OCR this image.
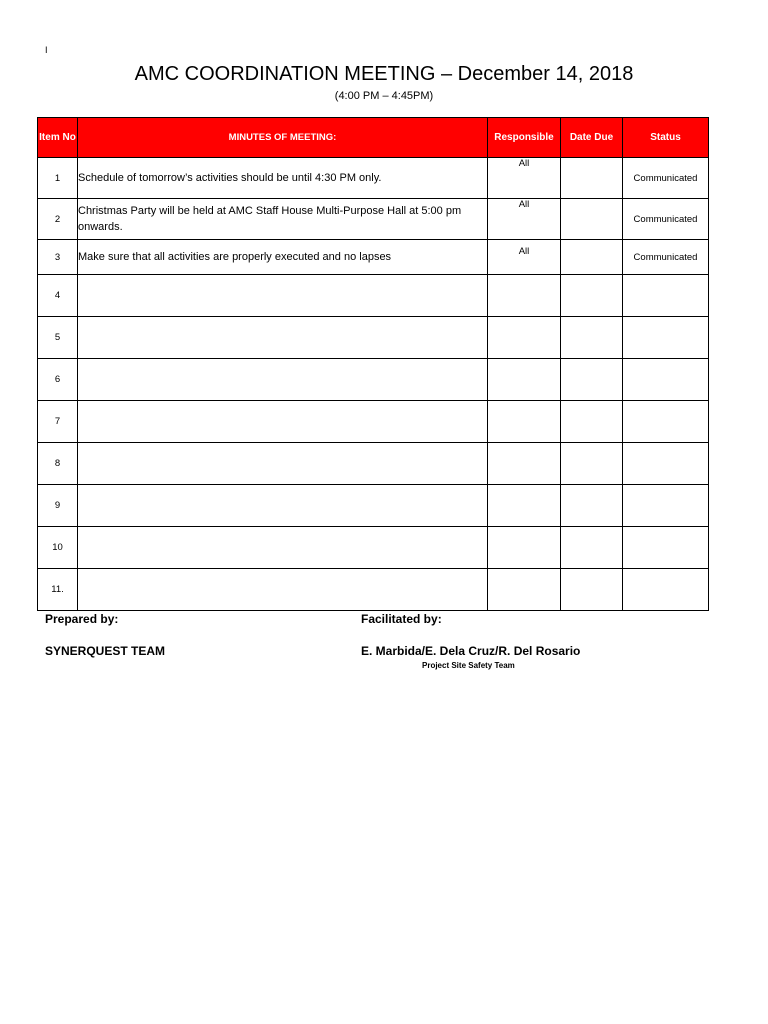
I
AMC COORDINATION MEETING – December 14, 2018
(4:00 PM – 4:45PM)
Item No	MINUTES OF MEETING:	Responsible	Date Due	Status
1	Schedule of tomorrow’s activities should be until 4:30 PM only.	All		Communicated
2	Christmas Party will be held at AMC Staff House Multi-Purpose Hall at 5:00 pm onwards.	All		Communicated
3	Make sure that all activities are properly executed and no lapses	All		Communicated
4				
5				
6				
7				
8				
9				
10				
11.				
Prepared by:
SYNERQUEST TEAM
Facilitated by:
E. Marbida/E. Dela Cruz/R. Del Rosario
Project Site Safety Team
